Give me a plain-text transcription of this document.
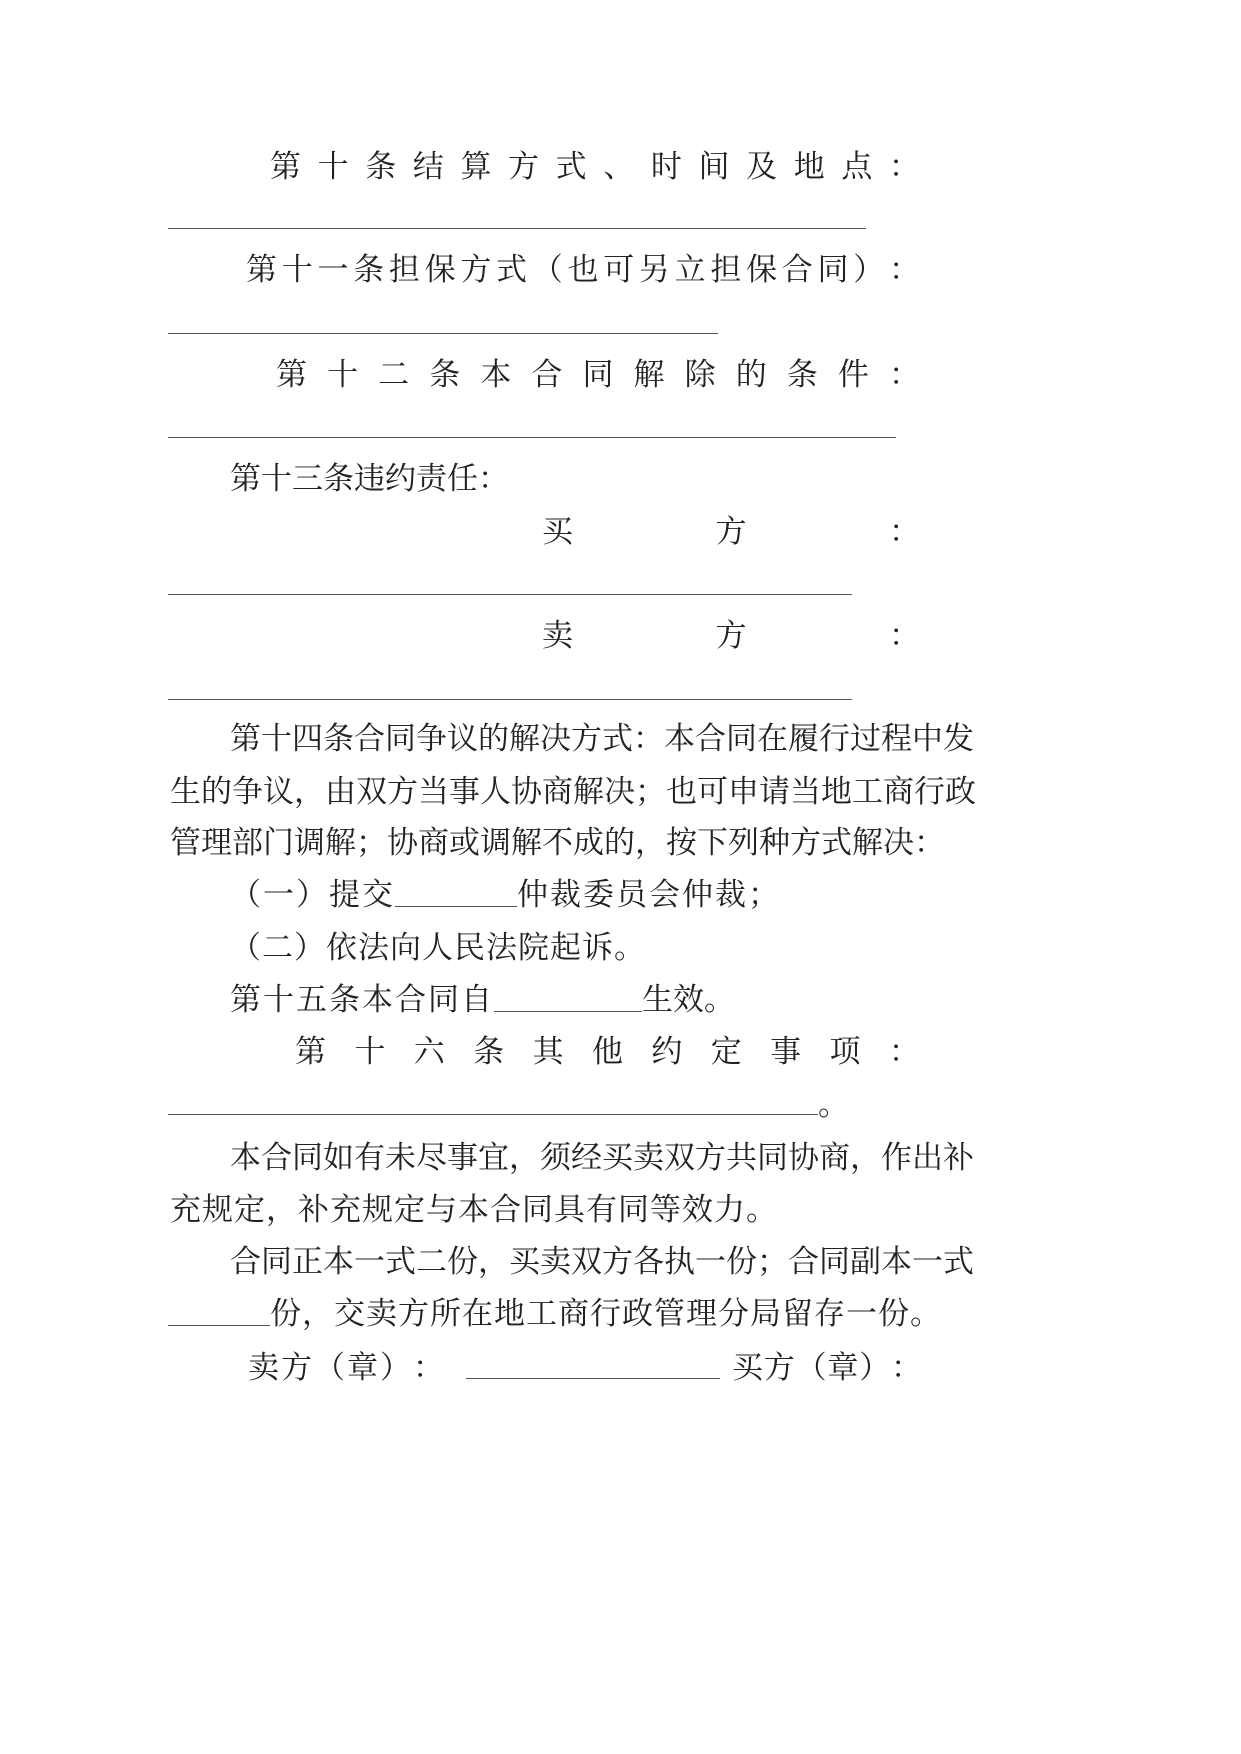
第 十 条 结 算 方 式 、 时 间 及 地 点 ：
第 十 一 条 担 保 方 式 （ 也 可 另 立 担 保 合 同 ） ：
第 十 二 条 本 合 同 解 除 的 条 件 ：
第十三条违约责任：
买	方	：
卖	方	：
第 十 四 条 合 同 争 议 的 解 决 方 式 ： 本 合 同 在 履 行 过 程 中 发
生 的 争 议 ， 由 双 方 当 事 人 协 商 解 决 ； 也 可 申 请 当 地 工 商 行 政
管 理 部 门 调 解 ； 协 商 或 调 解 不 成 的 ， 按 下 列 种 方 式 解 决 ：
（一）提交	仲裁委员会仲裁；
（二）依法向人民法院起诉。
第十五条本合同自	生效。
第 十 六 条 其 他 约 定 事 项 ：
。
本 合 同 如 有 未 尽 事 宜 ， 须 经 买 卖 双 方 共 同 协 商 ， 作 出 补
充规定，补充规定与本合同具有同等效力。
合 同 正 本 一 式 二 份 ， 买 卖 双 方 各 执 一 份 ； 合 同 副 本 一 式
份，交卖方所在地工商行政管理分局留存一份。
卖 方 （ 章 ） ：	买 方 （ 章 ） ：
